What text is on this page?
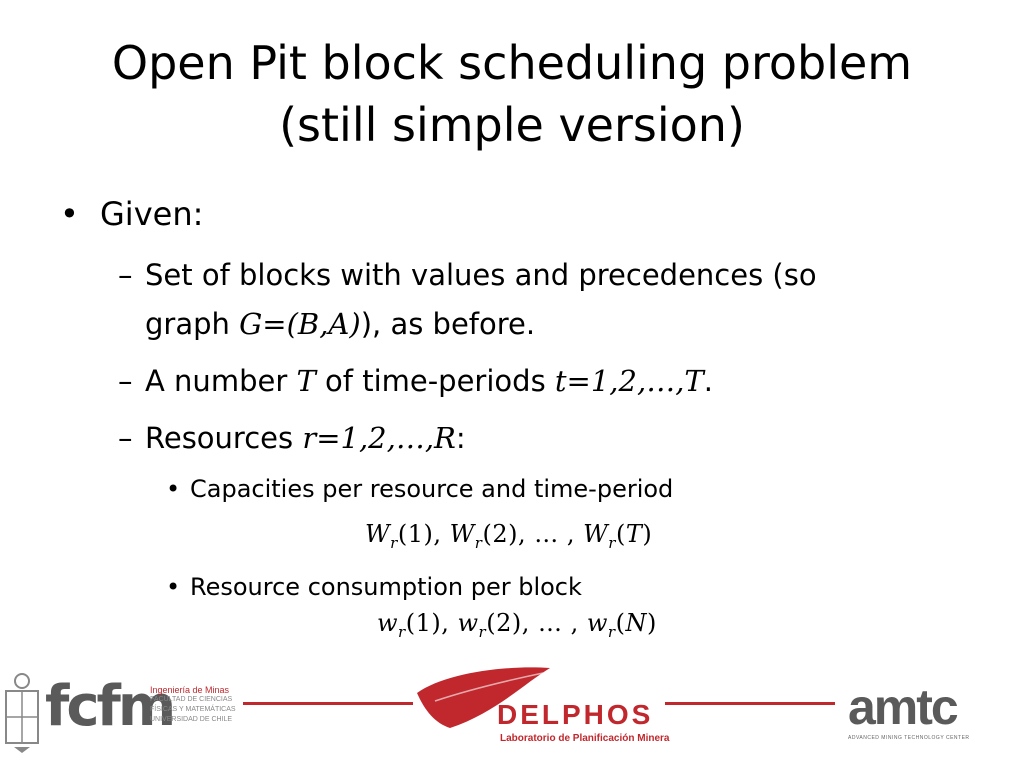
Open Pit block scheduling problem
(still simple version)
• Given:
– Set of blocks with values and precedences (so
graph G=(B,A)), as before.
– A number T of time-periods t=1,2,…,T.
– Resources r=1,2,…,R:
• Capacities per resource and time-period
$W_r(1)$, $W_r(2)$, … , $W_r(T)$
• Resource consumption per block
$w_r(1)$, $w_r(2)$, … , $w_r(N)$
fcfm
Ingeniería de Minas
FACULTAD DE CIENCIAS
FÍSICAS Y MATEMÁTICAS
UNIVERSIDAD DE CHILE	DELPHOS
Laboratorio de Planificación Minera
amtc
ADVANCED MINING TECHNOLOGY CENTER
